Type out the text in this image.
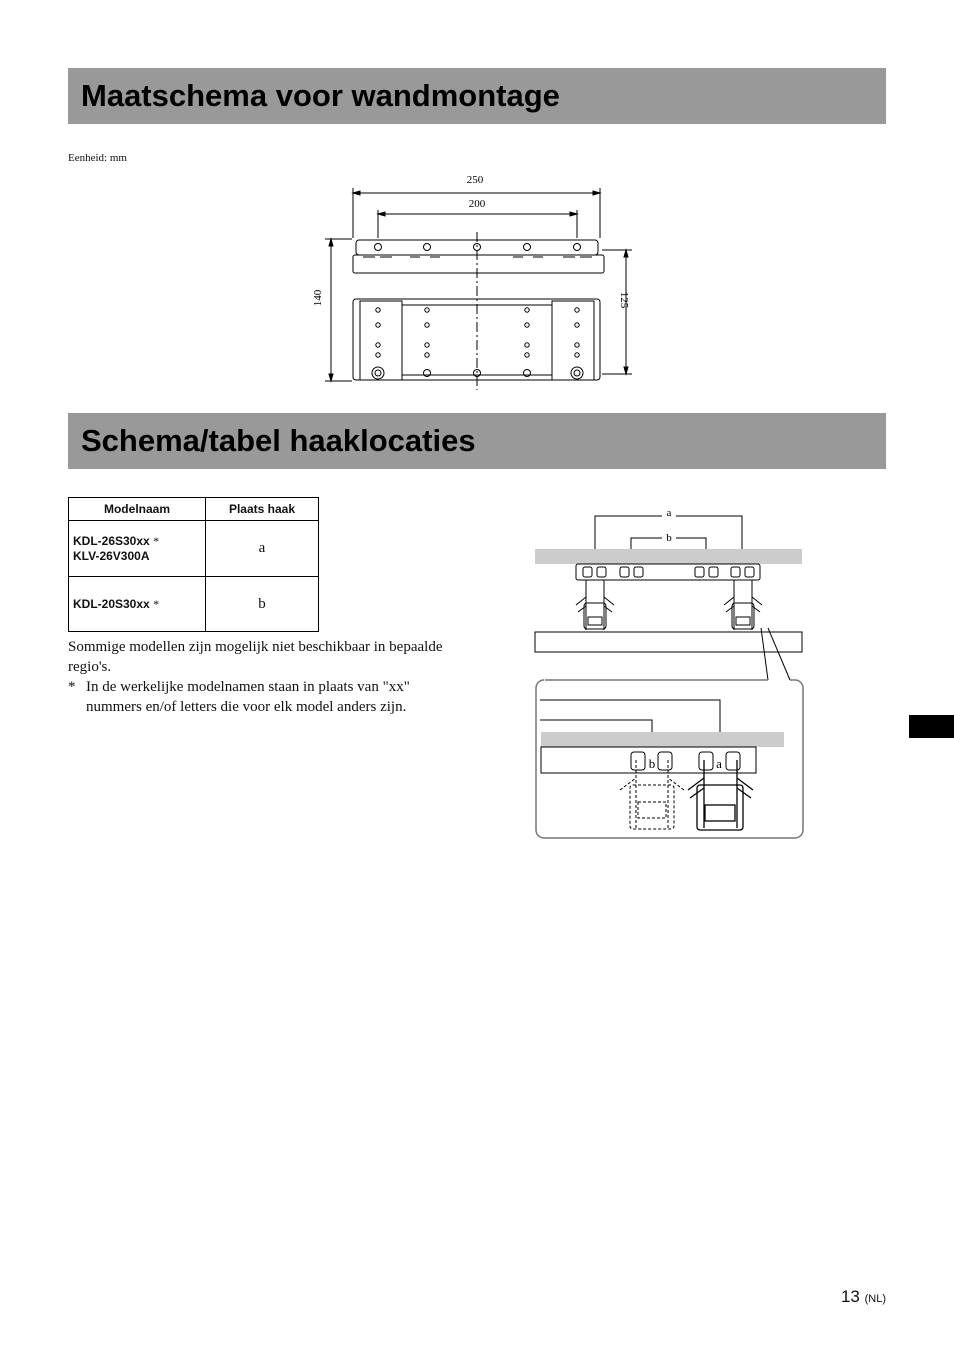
Maatschema voor wandmontage
Eenheid: mm
250
200
140	125
Schema/tabel haaklocaties
Modelnaam	Plaats haak
KDL-26S30xx *
KLV-26V300A	a
KDL-20S30xx *	b

Sommige modellen zijn mogelijk niet beschikbaar in bepaalde regio's.

* In de werkelijke modelnamen staan in plaats van "xx" nummers en/of letters die voor elk model anders zijn.

a
b
b	a
13 (NL)
